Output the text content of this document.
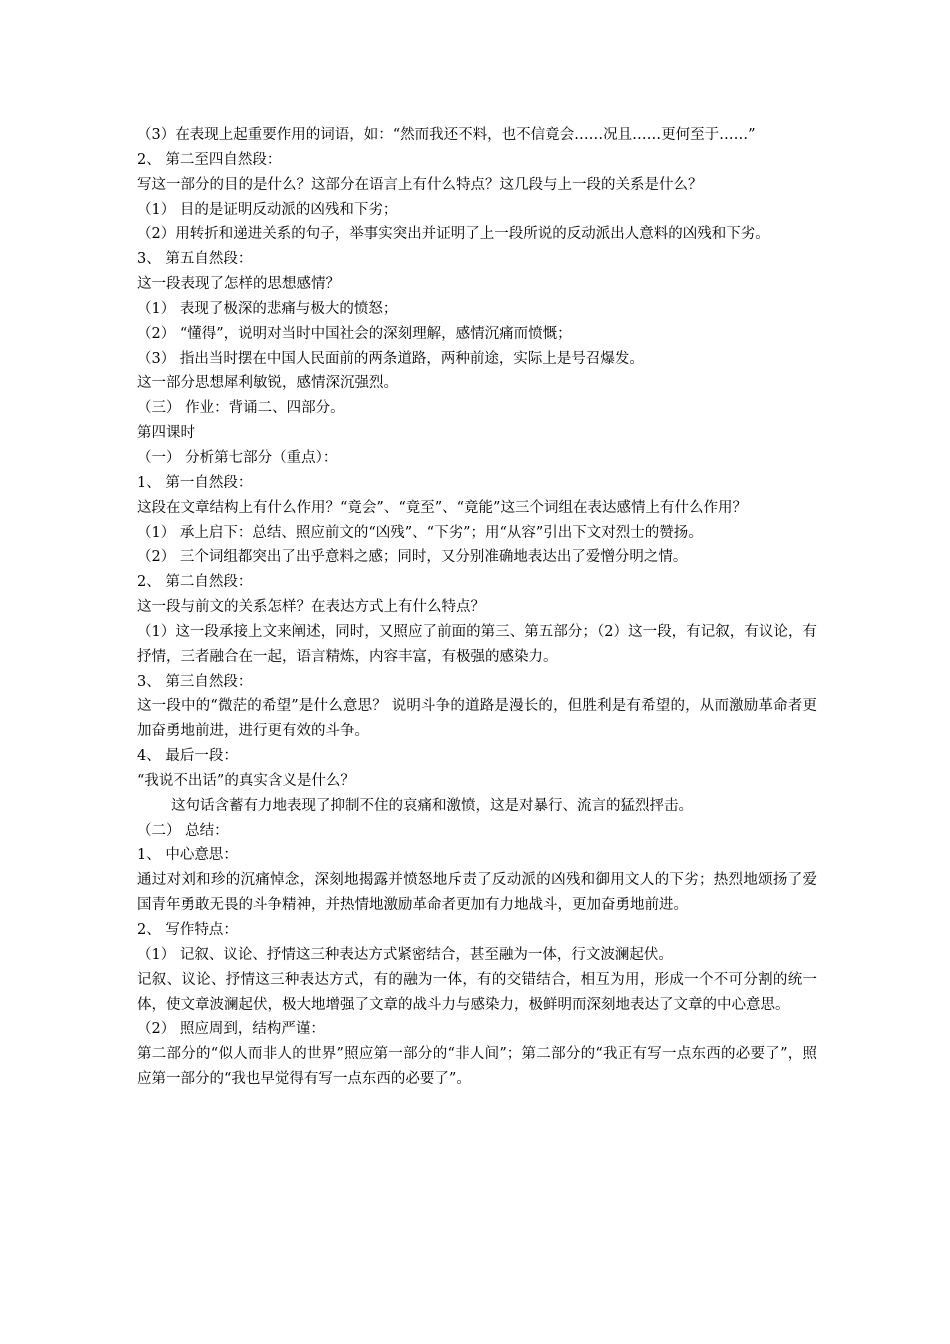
（3）在表现上起重要作用的词语，如：“然而我还不料，也不信竟会……况且……更何至于……”
2、 第二至四自然段：
写这一部分的目的是什么？这部分在语言上有什么特点？这几段与上一段的关系是什么？
（1） 目的是证明反动派的凶残和下劣；
（2）用转折和递进关系的句子，举事实突出并证明了上一段所说的反动派出人意料的凶残和下劣。
3、 第五自然段：
这一段表现了怎样的思想感情？
（1） 表现了极深的悲痛与极大的愤怒；
（2） “懂得”，说明对当时中国社会的深刻理解，感情沉痛而愤慨；
（3） 指出当时摆在中国人民面前的两条道路，两种前途，实际上是号召爆发。
这一部分思想犀利敏锐，感情深沉强烈。
（三） 作业：背诵二、四部分。
第四课时
（一） 分析第七部分（重点）：
1、 第一自然段：
这段在文章结构上有什么作用？“竟会”、“竟至”、“竟能”这三个词组在表达感情上有什么作用？
（1） 承上启下：总结、照应前文的“凶残”、“下劣”；用“从容”引出下文对烈士的赞扬。
（2） 三个词组都突出了出乎意料之感；同时，又分别准确地表达出了爱憎分明之情。
2、 第二自然段：
这一段与前文的关系怎样？在表达方式上有什么特点？
（1）这一段承接上文来阐述，同时，又照应了前面的第三、第五部分；（2）这一段，有记叙，有议论，有抒情，三者融合在一起，语言精炼，内容丰富，有极强的感染力。
3、 第三自然段：
这一段中的“微茫的希望”是什么意思？ 说明斗争的道路是漫长的，但胜利是有希望的，从而激励革命者更加奋勇地前进，进行更有效的斗争。
4、 最后一段：
“我说不出话”的真实含义是什么？
这句话含蓄有力地表现了抑制不住的哀痛和激愤，这是对暴行、流言的猛烈抨击。
（二） 总结：
1、 中心意思：
通过对刘和珍的沉痛悼念，深刻地揭露并愤怒地斥责了反动派的凶残和御用文人的下劣；热烈地颂扬了爱国青年勇敢无畏的斗争精神，并热情地激励革命者更加有力地战斗，更加奋勇地前进。
2、 写作特点：
（1） 记叙、议论、抒情这三种表达方式紧密结合，甚至融为一体，行文波澜起伏。
记叙、议论、抒情这三种表达方式，有的融为一体，有的交错结合，相互为用，形成一个不可分割的统一体，使文章波澜起伏，极大地增强了文章的战斗力与感染力，极鲜明而深刻地表达了文章的中心意思。
（2） 照应周到，结构严谨：
第二部分的“似人而非人的世界”照应第一部分的“非人间”；第二部分的“我正有写一点东西的必要了”，照应第一部分的“我也早觉得有写一点东西的必要了”。
